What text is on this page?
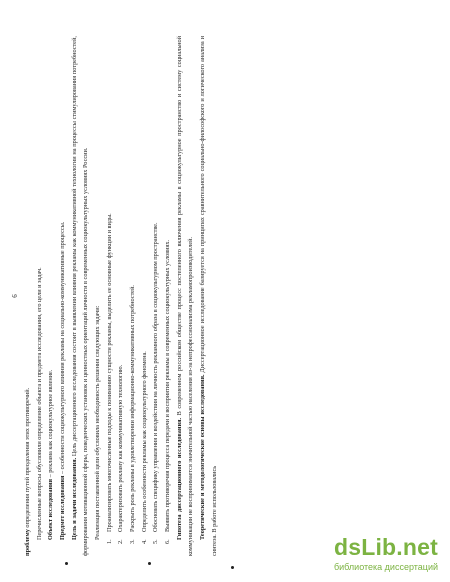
6

проблему определения путей преодоления этих противоречий. Перечисленные вопросы обусловили определение объекта и предмета исследования, его цели и задач. Объект исследования – реклама как социокультурное явление.

Предмет исследования – особенности социокультурного влияния рекламы на социально-коммуникативные процессы.

Цель и задачи исследования. Цель диссертационного исследования состоит в выявлении влияния рекламы как коммуникативной технологии на процессы стимулирования потребностей, формирования мотивационной сферы, поведенческих установок и ценностных ориентаций личности в современных социокультурных условиях России. Реализация поставленной цели обусловила необходимость решения следующих задачи:

1.
Проанализировать многочисленные подходы к пониманию сущности рекламы, выделить ее основные функции и виды.
2.
Охарактеризовать рекламу как коммуникативную технологию.
3.
Раскрыть роль рекламы в удовлетворении информационно-коммуникативных потребностей.
4.
Определить особенности рекламы как социокультурного феномена.
5.
Обосновать специфику управления и воздействия на личность рекламного образа в социокультурном пространстве.
6.
Выявить противоречия процесса передачи и восприятия рекламы в современных социокультурных условиях. Гипотеза диссертационного исследования. В современном российском обществе процесс постепенного включения рекламы в социокультурное пространство и систему социальной коммуникации не воспринимается значительной частью населения из-за непрофессионализма рекламопроизводителей. Теоретические и методологические основы исследования. Диссертационное исследование базируется на принципах сравнительного социально-философского и логического анализа и синтеза. В работе использовались	dsLib.net
библиотека диссертаций
